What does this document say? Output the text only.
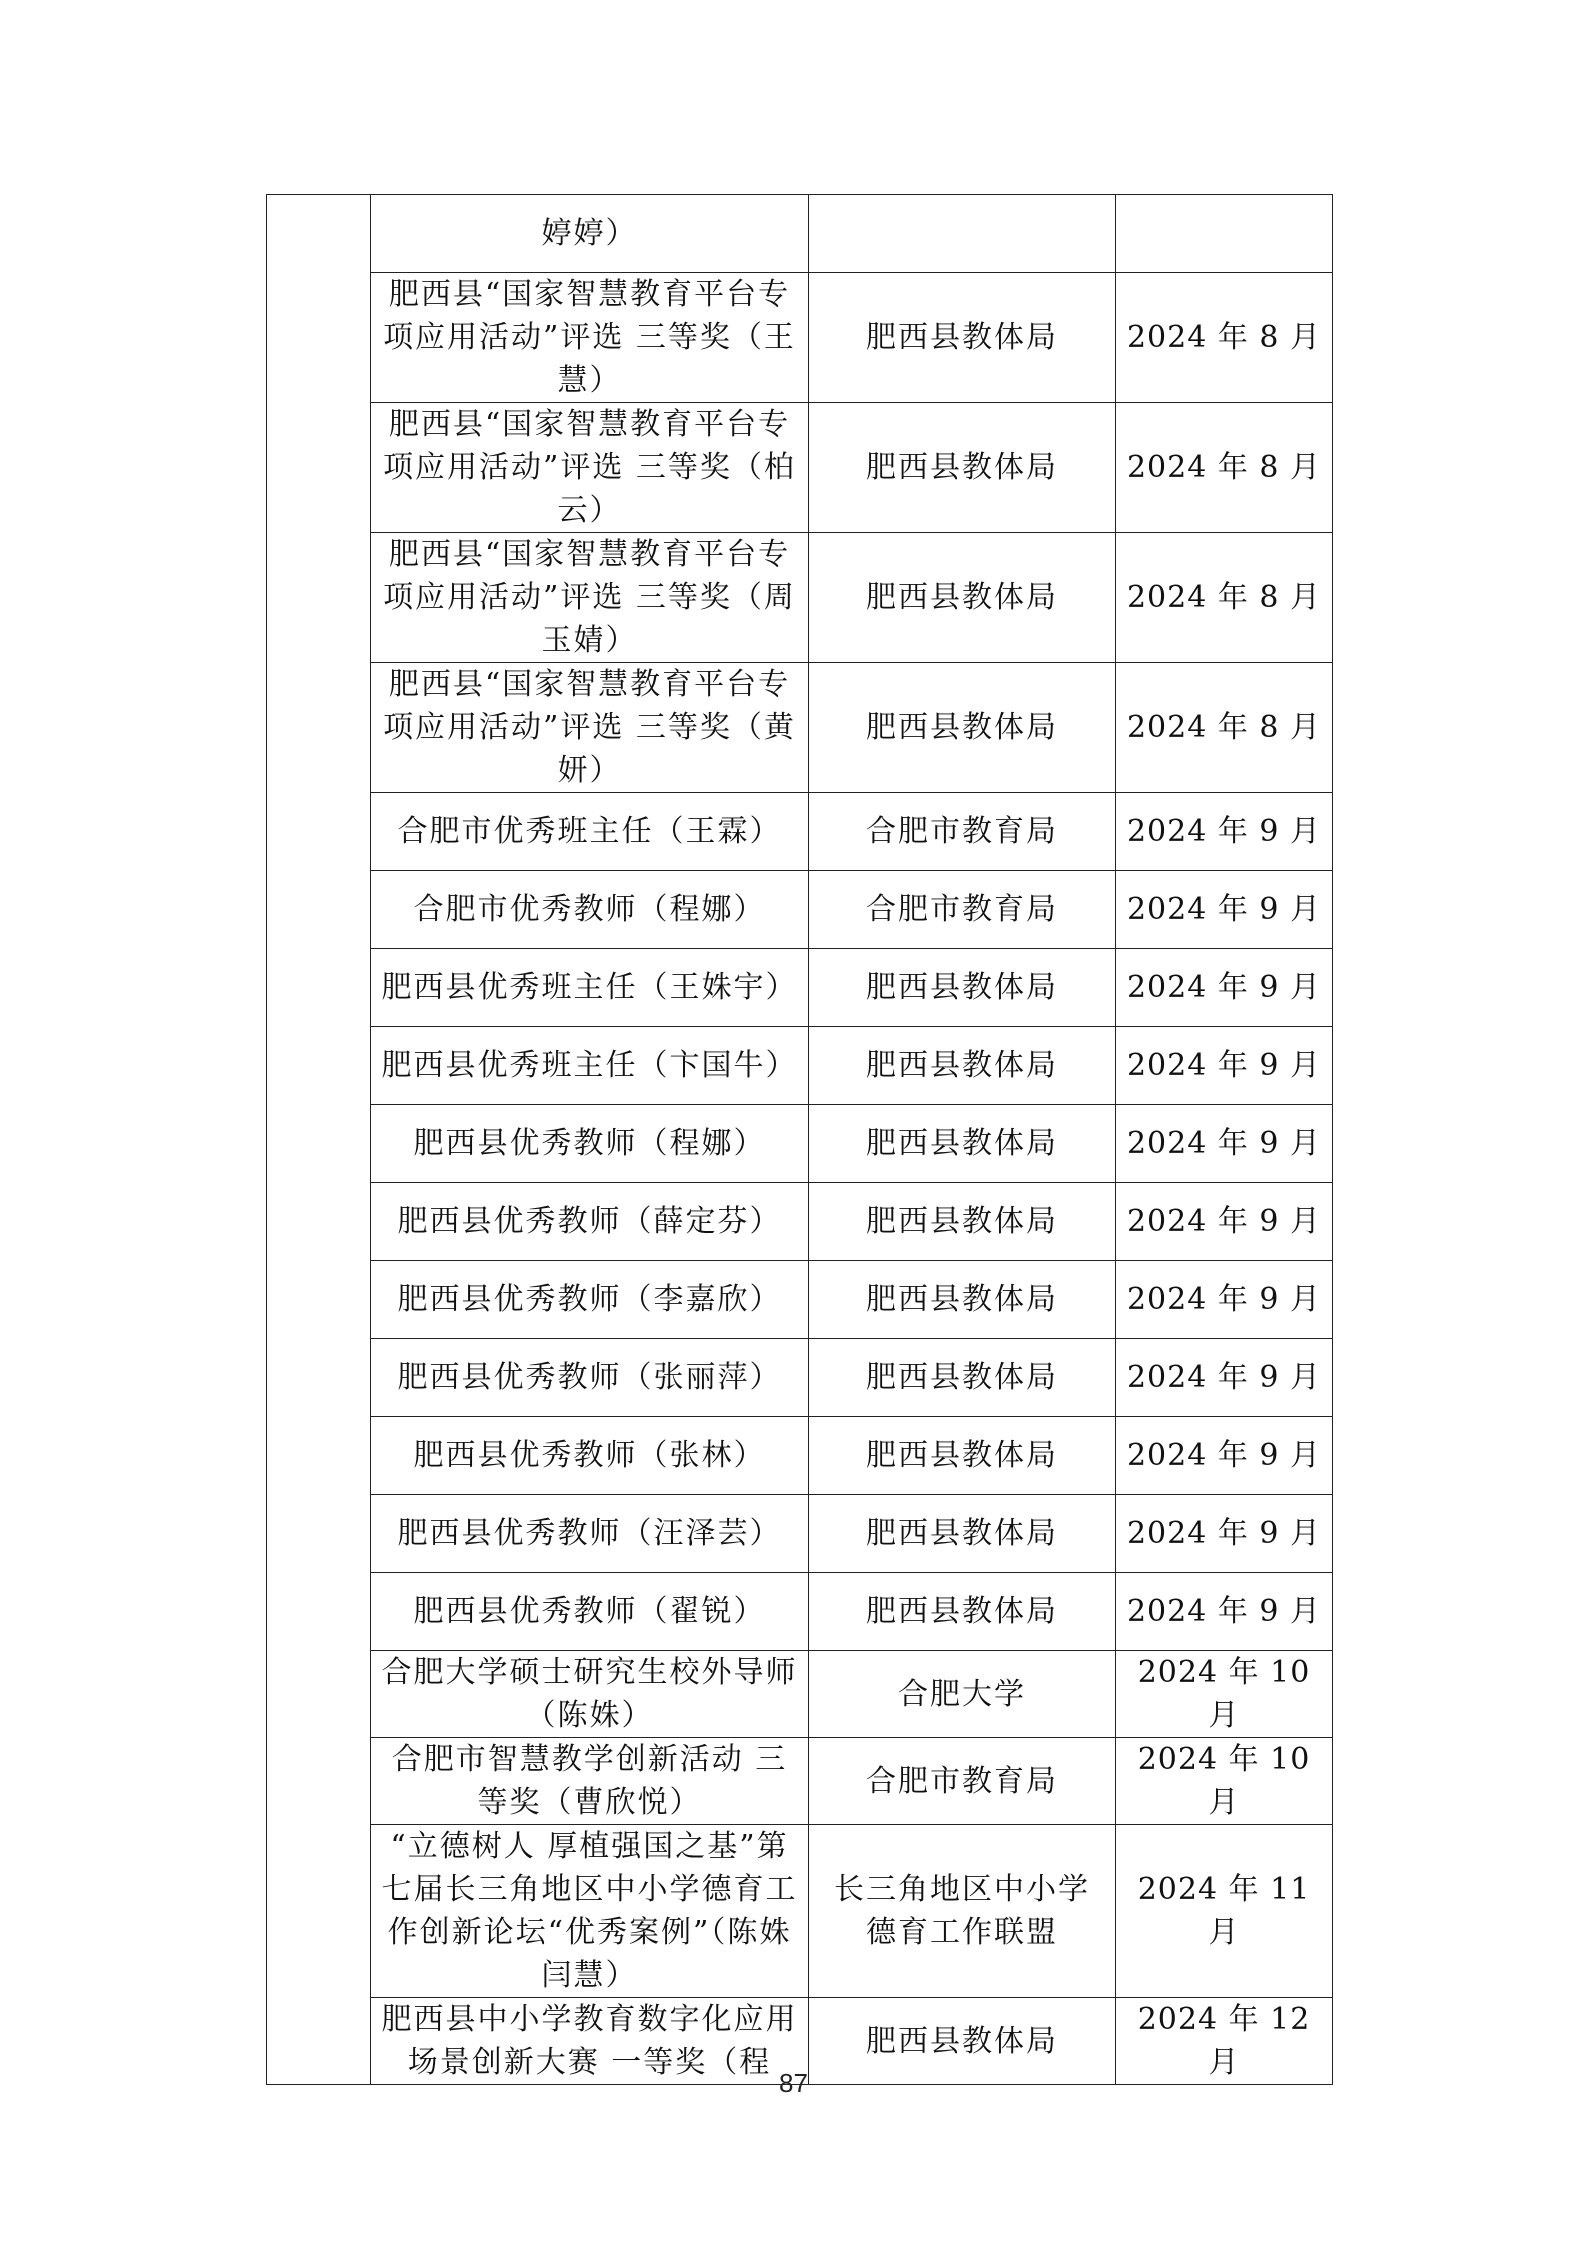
	婷婷）		
	肥西县“国家智慧教育平台专项应用活动”评选 三等奖（王慧）	肥西县教体局	2024 年 8 月
	肥西县“国家智慧教育平台专项应用活动”评选 三等奖（柏云）	肥西县教体局	2024 年 8 月
	肥西县“国家智慧教育平台专项应用活动”评选 三等奖（周玉婧）	肥西县教体局	2024 年 8 月
	肥西县“国家智慧教育平台专项应用活动”评选 三等奖（黄妍）	肥西县教体局	2024 年 8 月
	合肥市优秀班主任（王霖）	合肥市教育局	2024 年 9 月
	合肥市优秀教师（程娜）	合肥市教育局	2024 年 9 月
	肥西县优秀班主任（王姝宇）	肥西县教体局	2024 年 9 月
	肥西县优秀班主任（卞国牛）	肥西县教体局	2024 年 9 月
	肥西县优秀教师（程娜）	肥西县教体局	2024 年 9 月
	肥西县优秀教师（薛定芬）	肥西县教体局	2024 年 9 月
	肥西县优秀教师（李嘉欣）	肥西县教体局	2024 年 9 月
	肥西县优秀教师（张丽萍）	肥西县教体局	2024 年 9 月
	肥西县优秀教师（张林）	肥西县教体局	2024 年 9 月
	肥西县优秀教师（汪泽芸）	肥西县教体局	2024 年 9 月
	肥西县优秀教师（翟锐）	肥西县教体局	2024 年 9 月
	合肥大学硕士研究生校外导师（陈姝）	合肥大学	2024 年 10 月
	合肥市智慧教学创新活动 三等奖（曹欣悦）	合肥市教育局	2024 年 10 月
	“立德树人 厚植强国之基”第七届长三角地区中小学德育工作创新论坛“优秀案例”（陈姝 闫慧）	长三角地区中小学德育工作联盟	2024 年 11 月
	肥西县中小学教育数字化应用场景创新大赛 一等奖（程	肥西县教体局	2024 年 12 月
87
